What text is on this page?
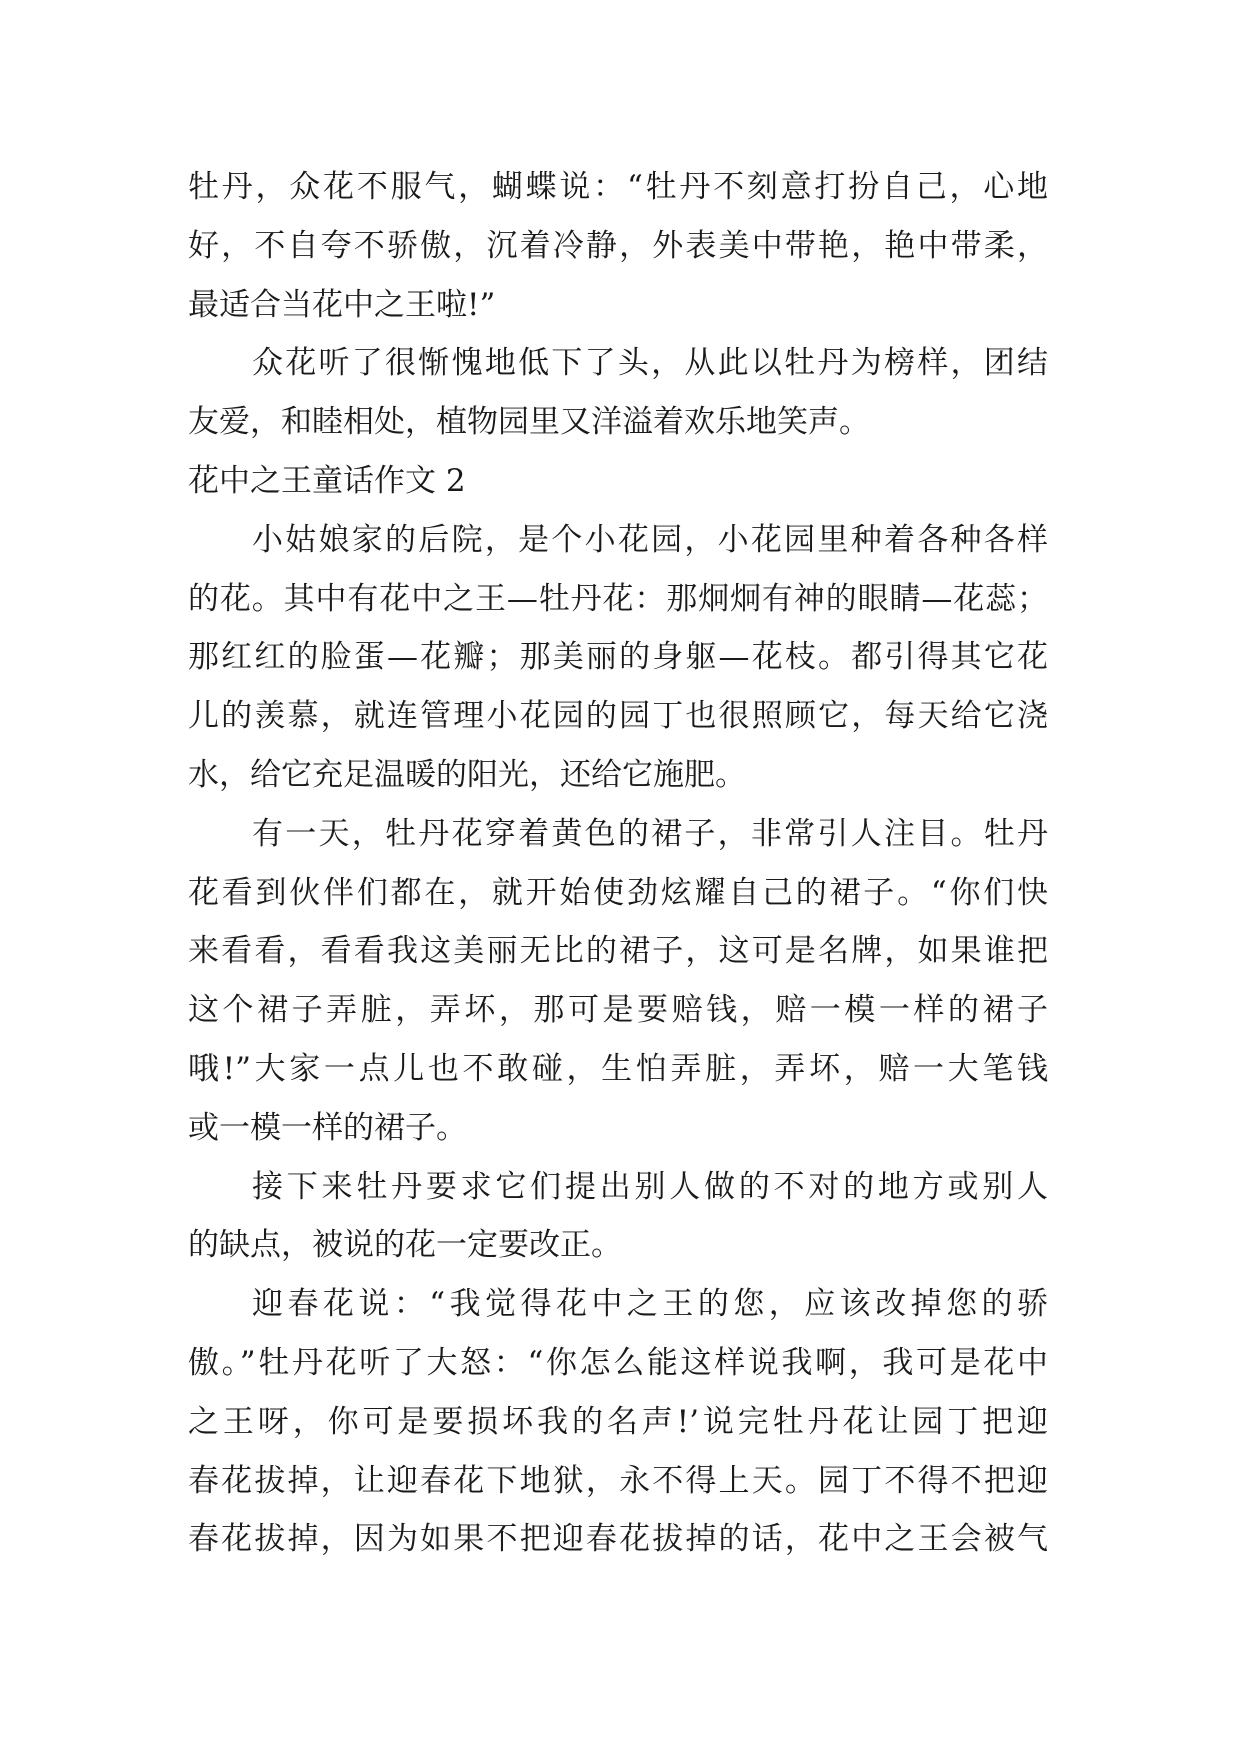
牡丹，众花不服气，蝴蝶说：“牡丹不刻意打扮自己，心地
好，不自夸不骄傲，沉着冷静，外表美中带艳，艳中带柔，
最适合当花中之王啦!”
众花听了很惭愧地低下了头，从此以牡丹为榜样，团结
友爱，和睦相处，植物园里又洋溢着欢乐地笑声。
花中之王童话作文 2
小姑娘家的后院，是个小花园，小花园里种着各种各样
的花。其中有花中之王—牡丹花：那炯炯有神的眼睛—花蕊；
那红红的脸蛋—花瓣；那美丽的身躯—花枝。都引得其它花
儿的羡慕，就连管理小花园的园丁也很照顾它，每天给它浇
水，给它充足温暖的阳光，还给它施肥。
有一天，牡丹花穿着黄色的裙子，非常引人注目。牡丹
花看到伙伴们都在，就开始使劲炫耀自己的裙子。“你们快
来看看，看看我这美丽无比的裙子，这可是名牌，如果谁把
这个裙子弄脏，弄坏，那可是要赔钱，赔一模一样的裙子
哦!”大家一点儿也不敢碰，生怕弄脏，弄坏，赔一大笔钱
或一模一样的裙子。
接下来牡丹要求它们提出别人做的不对的地方或别人
的缺点，被说的花一定要改正。
迎春花说：“我觉得花中之王的您，应该改掉您的骄
傲。”牡丹花听了大怒：“你怎么能这样说我啊，我可是花中
之王呀，你可是要损坏我的名声!’说完牡丹花让园丁把迎
春花拔掉，让迎春花下地狱，永不得上天。园丁不得不把迎
春花拔掉，因为如果不把迎春花拔掉的话，花中之王会被气
